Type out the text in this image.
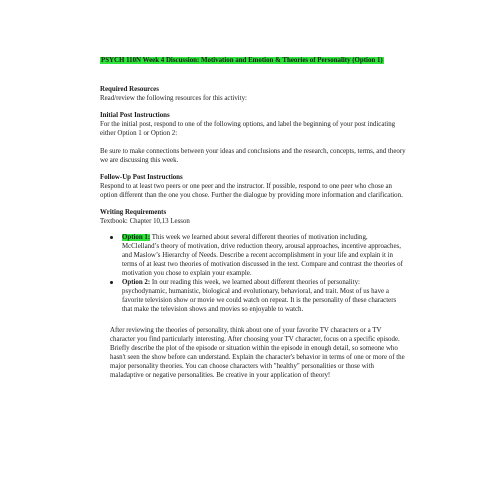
PSYCH 110N Week 4 Discussion: Motivation and Emotion & Theories of Personality (Option 1)
Required Resources

Read/review the following resources for this activity:

Initial Post Instructions

For the initial post, respond to one of the following options, and label the beginning of your post indicating either Option 1 or Option 2:

Be sure to make connections between your ideas and conclusions and the research, concepts, terms, and theory we are discussing this week.

Follow-Up Post Instructions

Respond to at least two peers or one peer and the instructor. If possible, respond to one peer who chose an option different than the one you chose. Further the dialogue by providing more information and clarification.

Writing Requirements

Textbook: Chapter 10,13 Lesson

Option 1: This week we learned about several different theories of motivation including, McClelland’s theory of motivation, drive reduction theory, arousal approaches, incentive approaches, and Maslow’s Hierarchy of Needs. Describe a recent accomplishment in your life and explain it in terms of at least two theories of motivation discussed in the text. Compare and contrast the theories of motivation you chose to explain your example.
Option 2: In our reading this week, we learned about different theories of personality: psychodynamic, humanistic, biological and evolutionary, behavioral, and trait. Most of us have a favorite television show or movie we could watch on repeat. It is the personality of these characters that make the television shows and movies so enjoyable to watch.

After reviewing the theories of personality, think about one of your favorite TV characters or a TV character you find particularly interesting. After choosing your TV character, focus on a specific episode. Briefly describe the plot of the episode or situation within the episode in enough detail, so someone who hasn't seen the show before can understand. Explain the character's behavior in terms of one or more of the major personality theories. You can choose characters with "healthy" personalities or those with maladaptive or negative personalities. Be creative in your application of theory!
